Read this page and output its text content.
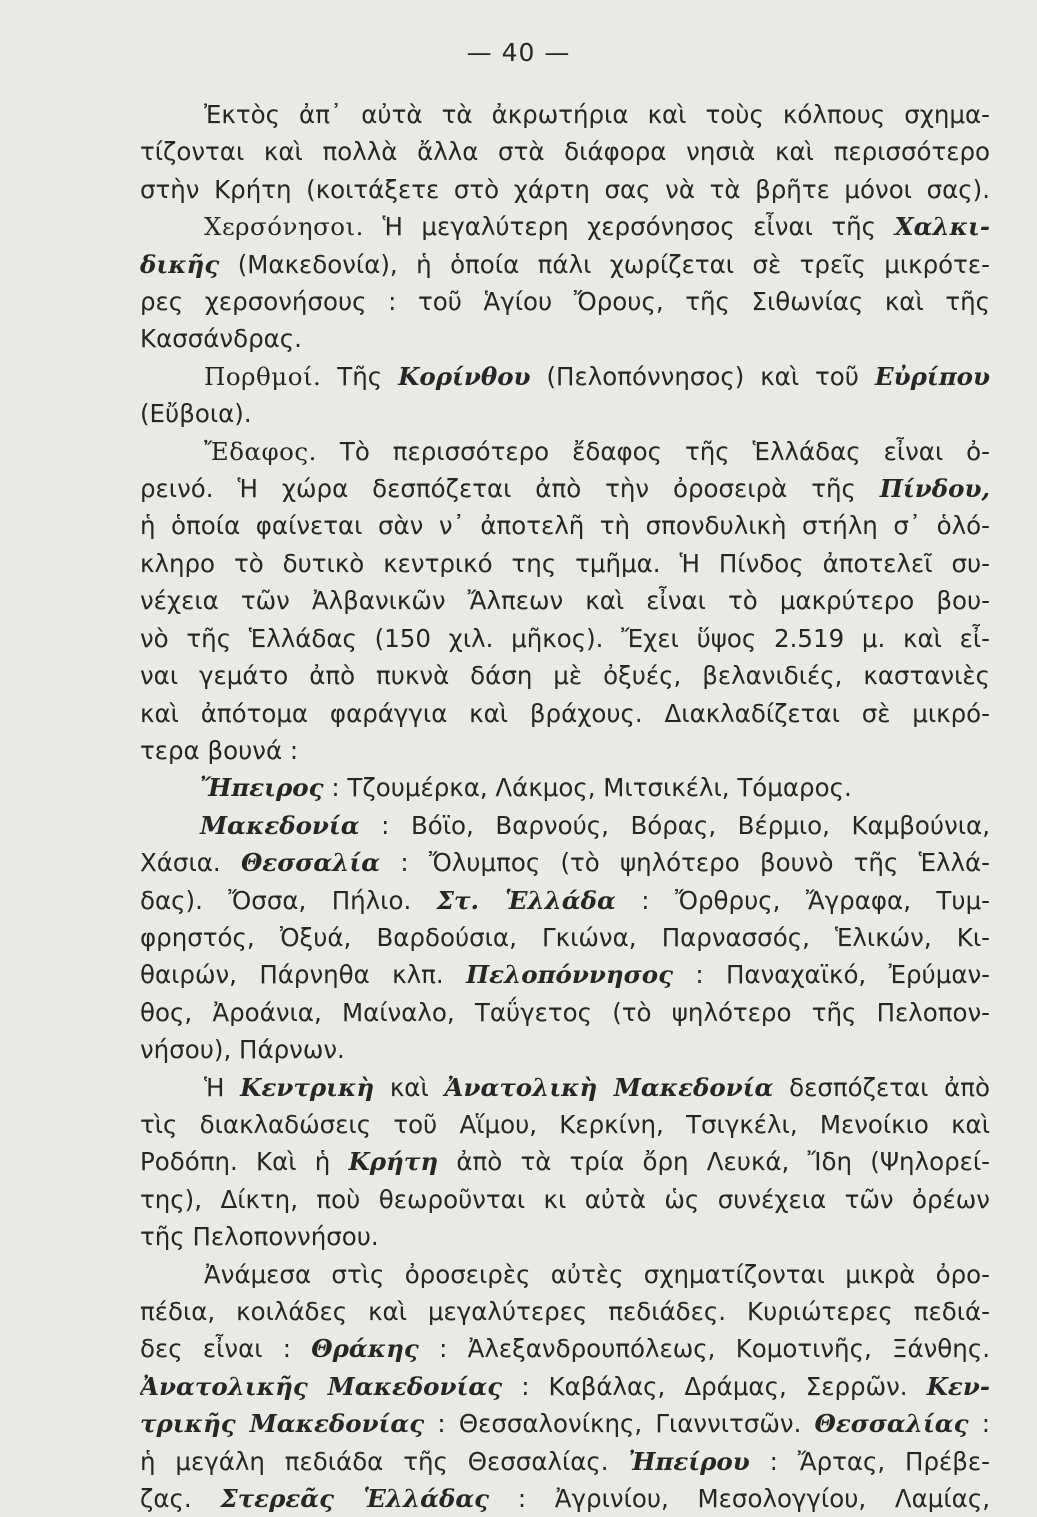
— 40 —
Ἐκτὸς ἀπ᾽ αὐτὰ τὰ ἀκρωτήρια καὶ τοὺς κόλπους σχημα-
τίζονται καὶ πολλὰ ἄλλα στὰ διάφορα νησιὰ καὶ περισσότερο
στὴν Κρήτη (κοιτάξετε στὸ χάρτη σας νὰ τὰ βρῆτε μόνοι σας).
Χερσόνησοι. Ἡ μεγαλύτερη χερσόνησος εἶναι τῆς Χαλκι-
δικῆς (Μακεδονία), ἡ ὁποία πάλι χωρίζεται σὲ τρεῖς μικρότε-
ρες χερσονήσους : τοῦ Ἁγίου Ὄρους, τῆς Σιθωνίας καὶ τῆς
Κασσάνδρας.
Πορθμοί. Τῆς Κορίνθου (Πελοπόννησος) καὶ τοῦ Εὐρίπου
(Εὔβοια).
Ἔδαφος. Τὸ περισσότερο ἔδαφος τῆς Ἑλλάδας εἶναι ὀ-
ρεινό. Ἡ χώρα δεσπόζεται ἀπὸ τὴν ὀροσειρὰ τῆς Πίνδου,
ἡ ὁποία φαίνεται σὰν ν᾽ ἀποτελῆ τὴ σπονδυλικὴ στήλη σ᾽ ὁλό-
κληρο τὸ δυτικὸ κεντρικό της τμῆμα. Ἡ Πίνδος ἀποτελεῖ συ-
νέχεια τῶν Ἀλβανικῶν Ἄλπεων καὶ εἶναι τὸ μακρύτερο βου-
νὸ τῆς Ἑλλάδας (150 χιλ. μῆκος). Ἔχει ὕψος 2.519 μ. καὶ εἶ-
ναι γεμάτο ἀπὸ πυκνὰ δάση μὲ ὀξυές, βελανιδιές, καστανιὲς
καὶ ἀπότομα φαράγγια καὶ βράχους. Διακλαδίζεται σὲ μικρό-
τερα βουνά :
Ἤπειρος : Τζουμέρκα, Λάκμος, Μιτσικέλι, Τόμαρος.
Μακεδονία : Βόϊο, Βαρνούς, Βόρας, Βέρμιο, Καμβούνια,
Χάσια. Θεσσαλία : Ὄλυμπος (τὸ ψηλότερο βουνὸ τῆς Ἑλλά-
δας). Ὄσσα, Πήλιο. Στ. Ἑλλάδα : Ὄρθρυς, Ἄγραφα, Τυμ-
φρηστός, Ὀξυά, Βαρδούσια, Γκιώνα, Παρνασσός, Ἑλικών, Κι-
θαιρών, Πάρνηθα κλπ. Πελοπόννησος : Παναχαϊκό, Ἐρύμαν-
θος, Ἀροάνια, Μαίναλο, Ταΰγετος (τὸ ψηλότερο τῆς Πελοπον-
νήσου), Πάρνων.
Ἡ Κεντρικὴ καὶ Ἀνατολικὴ Μακεδονία δεσπόζεται ἀπὸ
τὶς διακλαδώσεις τοῦ Αἵμου, Κερκίνη, Τσιγκέλι, Μενοίκιο καὶ
Ροδόπη. Καὶ ἡ Κρήτη ἀπὸ τὰ τρία ὄρη Λευκά, Ἴδη (Ψηλορεί-
της), Δίκτη, ποὺ θεωροῦνται κι αὐτὰ ὡς συνέχεια τῶν ὀρέων
τῆς Πελοποννήσου.
Ἀνάμεσα στὶς ὀροσειρὲς αὐτὲς σχηματίζονται μικρὰ ὀρο-
πέδια, κοιλάδες καὶ μεγαλύτερες πεδιάδες. Κυριώτερες πεδιά-
δες εἶναι : Θράκης : Ἀλεξανδρουπόλεως, Κομοτινῆς, Ξάνθης.
Ἀνατολικῆς Μακεδονίας : Καβάλας, Δράμας, Σερρῶν. Κεν-
τρικῆς Μακεδονίας : Θεσσαλονίκης, Γιαννιτσῶν. Θεσσαλίας :
ἡ μεγάλη πεδιάδα τῆς Θεσσαλίας. Ἠπείρου : Ἄρτας, Πρέβε-
ζας. Στερεᾶς Ἑλλάδας : Ἀγρινίου, Μεσολογγίου, Λαμίας,
